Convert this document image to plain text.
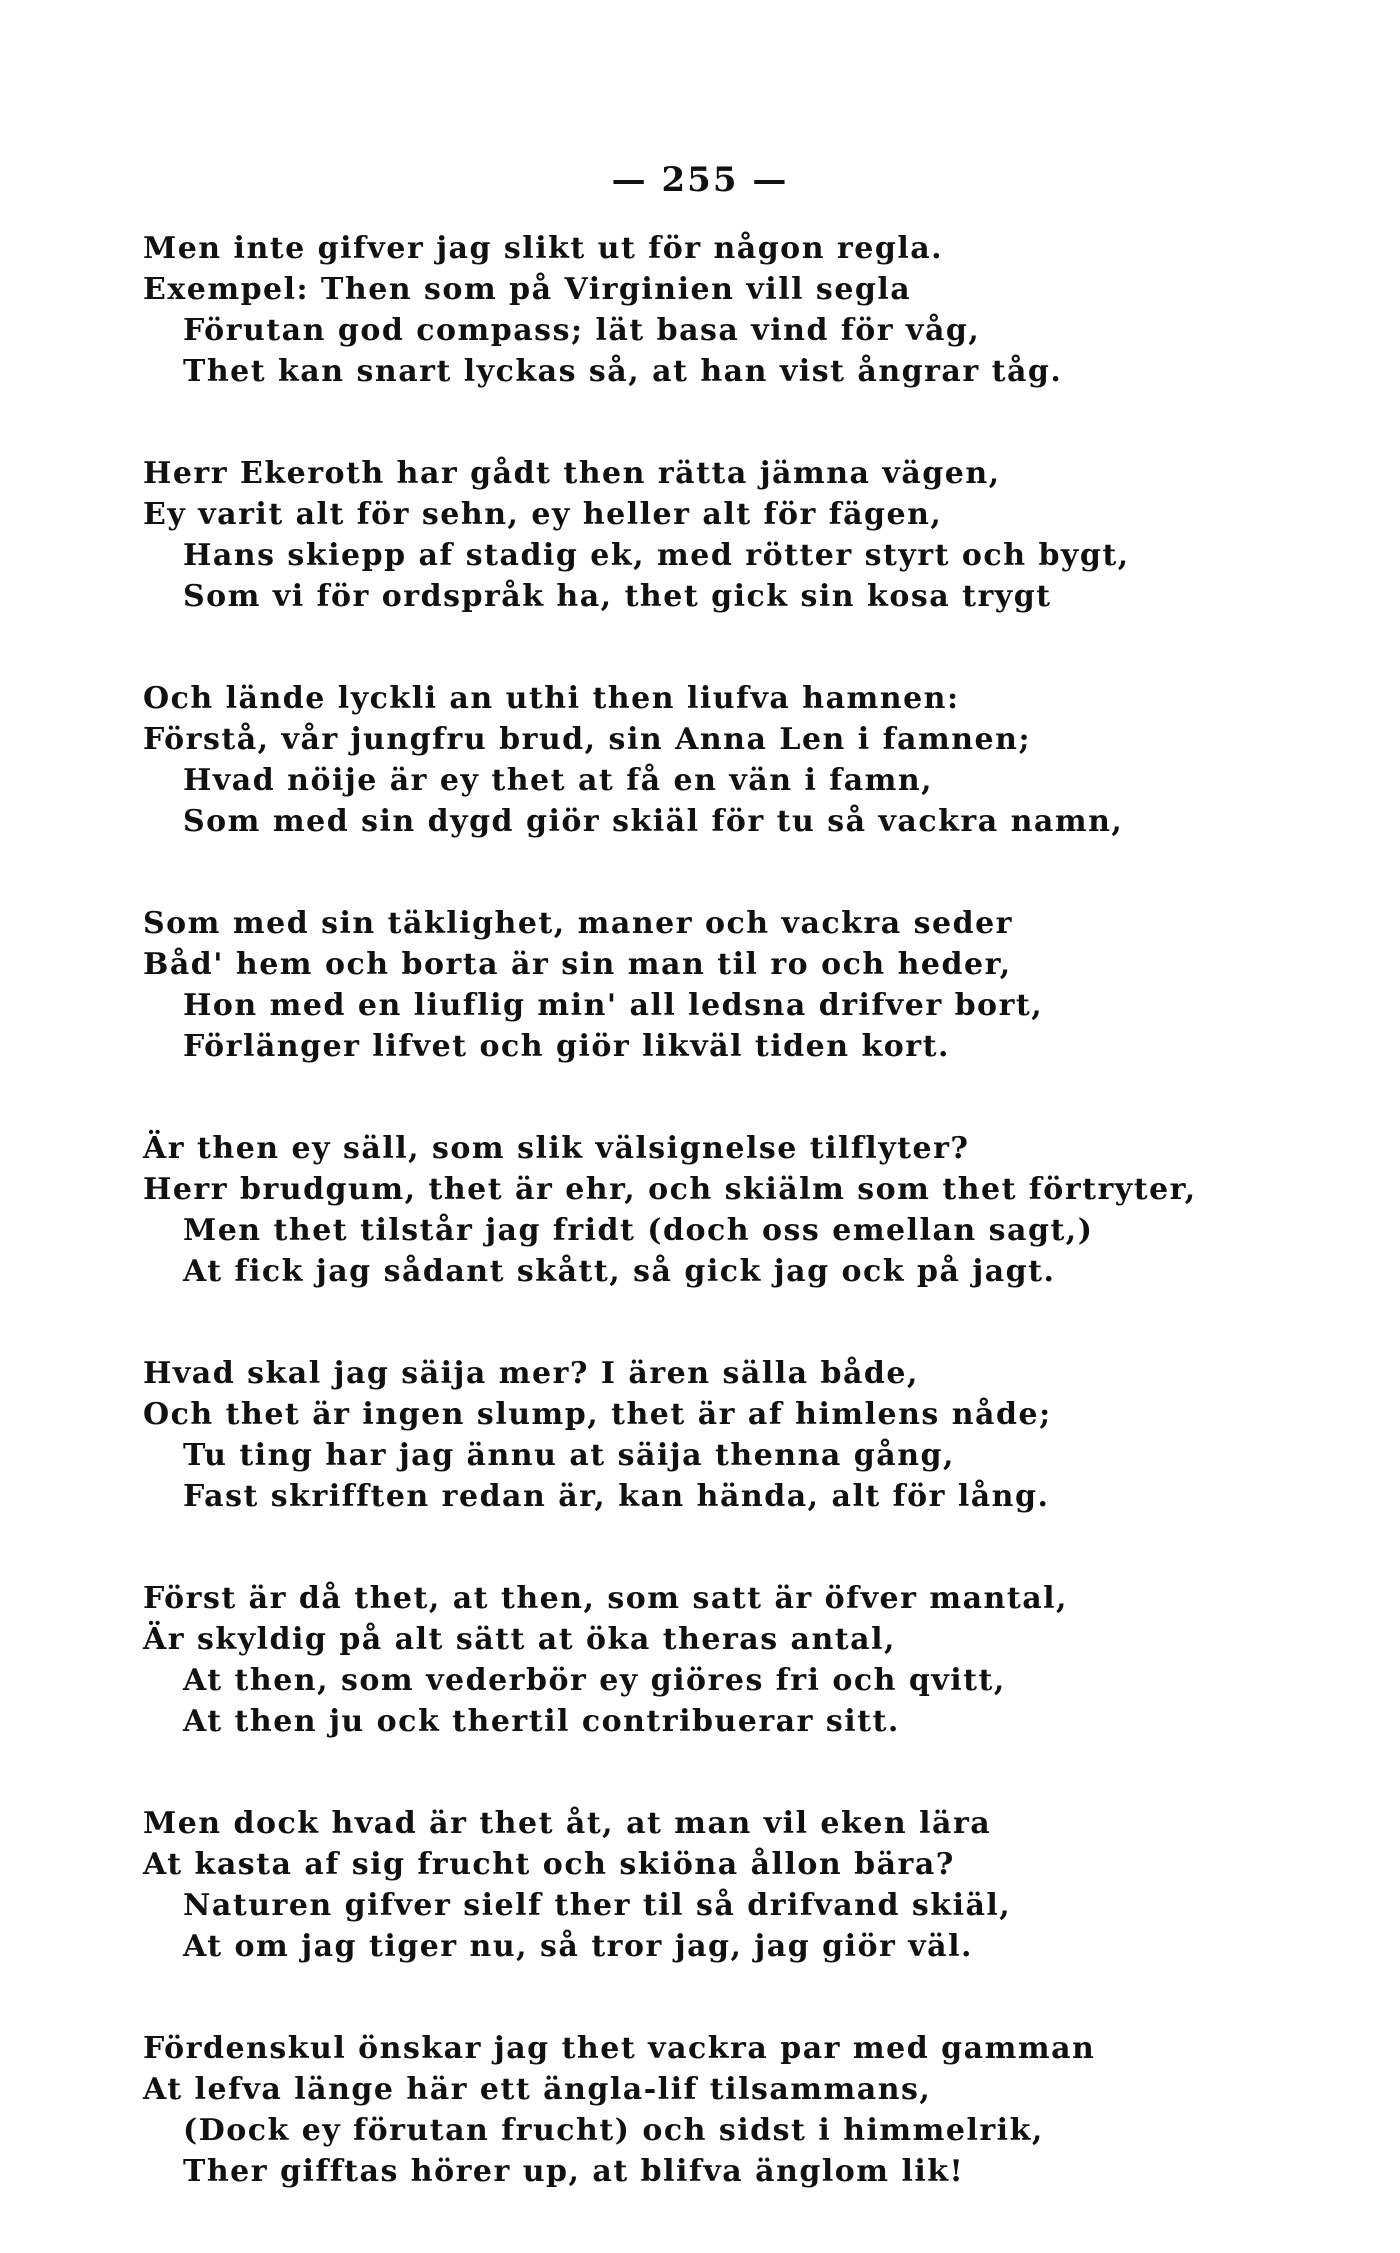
— 255 —
Men inte gifver jag slikt ut för någon regla.
Exempel: Then som på Virginien vill segla
Förutan god compass; lät basa vind för våg,
Thet kan snart lyckas så, at han vist ångrar tåg.
Herr Ekeroth har gådt then rätta jämna vägen,
Ey varit alt för sehn, ey heller alt för fägen,
Hans skiepp af stadig ek, med rötter styrt och bygt,
Som vi för ordspråk ha, thet gick sin kosa trygt
Och lände lyckli an uthi then liufva hamnen:
Förstå, vår jungfru brud, sin Anna Len i famnen;
Hvad nöije är ey thet at få en vän i famn,
Som med sin dygd giör skiäl för tu så vackra namn,
Som med sin täklighet, maner och vackra seder
Båd' hem och borta är sin man til ro och heder,
Hon med en liuflig min' all ledsna drifver bort,
Förlänger lifvet och giör likväl tiden kort.
Är then ey säll, som slik välsignelse tilflyter?
Herr brudgum, thet är ehr, och skiälm som thet förtryter,
Men thet tilstår jag fridt (doch oss emellan sagt,)
At fick jag sådant skått, så gick jag ock på jagt.
Hvad skal jag säija mer? I ären sälla både,
Och thet är ingen slump, thet är af himlens nåde;
Tu ting har jag ännu at säija thenna gång,
Fast skrifften redan är, kan hända, alt för lång.
Först är då thet, at then, som satt är öfver mantal,
Är skyldig på alt sätt at öka theras antal,
At then, som vederbör ey giöres fri och qvitt,
At then ju ock thertil contribuerar sitt.
Men dock hvad är thet åt, at man vil eken lära
At kasta af sig frucht och skiöna ållon bära?
Naturen gifver sielf ther til så drifvand skiäl,
At om jag tiger nu, så tror jag, jag giör väl.
Fördenskul önskar jag thet vackra par med gamman
At lefva länge här ett ängla-lif tilsammans,
(Dock ey förutan frucht) och sidst i himmelrik,
Ther gifftas hörer up, at blifva änglom lik!
